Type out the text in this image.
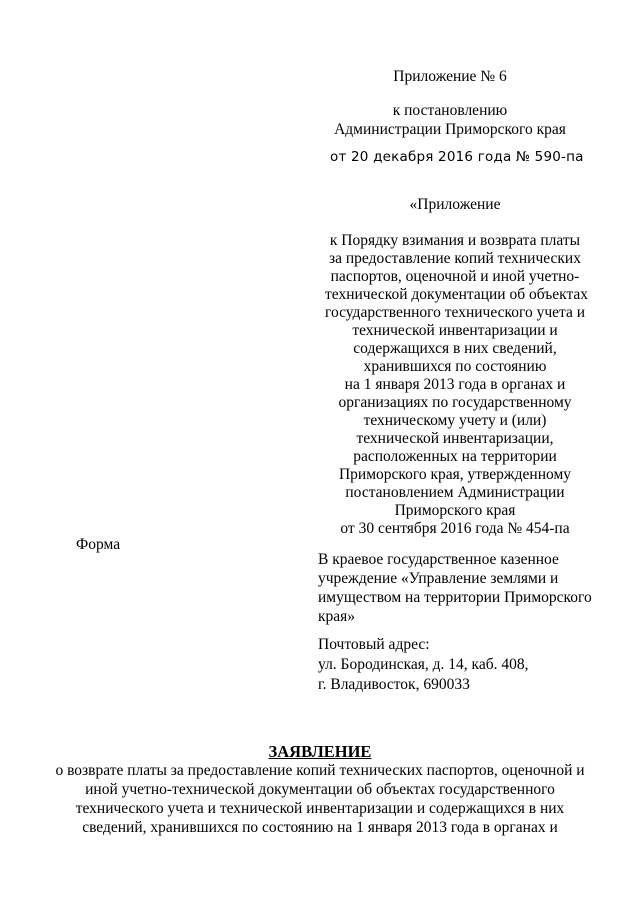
Приложение № 6
к постановлению
Администрации Приморского края
от 20 декабря 2016 года № 590-па
«Приложение
к Порядку взимания и возврата платы
за предоставление копий технических
паспортов, оценочной и иной учетно-
технической документации об объектах
государственного технического учета и
технической инвентаризации и
содержащихся в них сведений,
хранившихся по состоянию
на 1 января 2013 года в органах и
организациях по государственному
техническому учету и (или)
технической инвентаризации,
расположенных на территории
Приморского края, утвержденному
постановлением Администрации
Приморского края
от 30 сентября 2016 года № 454-па
Форма
В краевое государственное казенное
учреждение «Управление землями и
имуществом на территории Приморского
края»
Почтовый адрес:
ул. Бородинская, д. 14, каб. 408,
г. Владивосток, 690033
ЗАЯВЛЕНИЕ
о возврате платы за предоставление копий технических паспортов, оценочной и
иной учетно-технической документации об объектах государственного
технического учета и технической инвентаризации и содержащихся в них
сведений, хранившихся по состоянию на 1 января 2013 года в органах и
